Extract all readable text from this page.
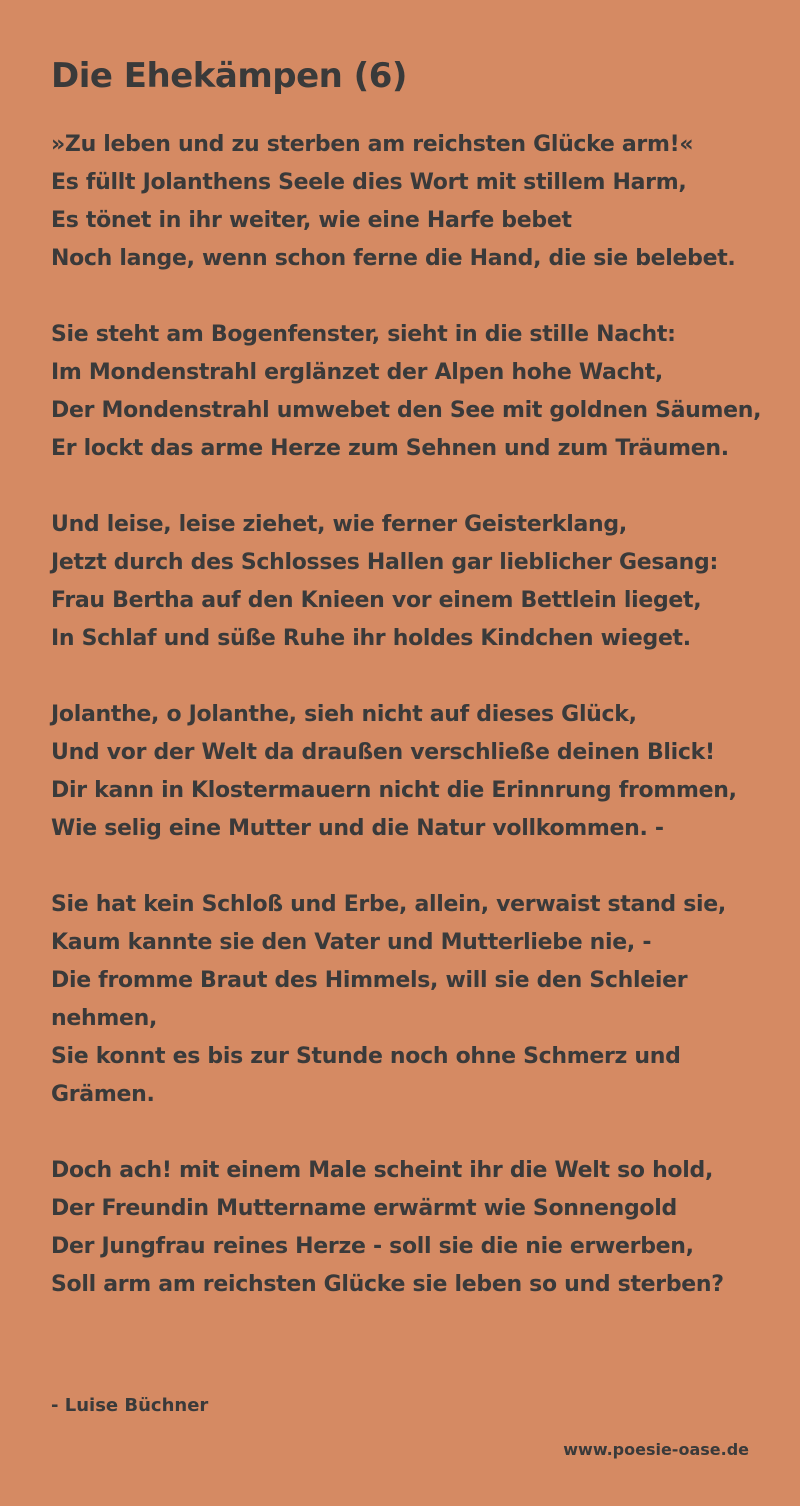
Die Ehekämpen (6)
»Zu leben und zu sterben am reichsten Glücke arm!«
Es füllt Jolanthens Seele dies Wort mit stillem Harm,
Es tönet in ihr weiter, wie eine Harfe bebet
Noch lange, wenn schon ferne die Hand, die sie belebet.
Sie steht am Bogenfenster, sieht in die stille Nacht:
Im Mondenstrahl erglänzet der Alpen hohe Wacht,
Der Mondenstrahl umwebet den See mit goldnen Säumen,
Er lockt das arme Herze zum Sehnen und zum Träumen.
Und leise, leise ziehet, wie ferner Geisterklang,
Jetzt durch des Schlosses Hallen gar lieblicher Gesang:
Frau Bertha auf den Knieen vor einem Bettlein lieget,
In Schlaf und süße Ruhe ihr holdes Kindchen wieget.
Jolanthe, o Jolanthe, sieh nicht auf dieses Glück,
Und vor der Welt da draußen verschließe deinen Blick!
Dir kann in Klostermauern nicht die Erinnrung frommen,
Wie selig eine Mutter und die Natur vollkommen. -
Sie hat kein Schloß und Erbe, allein, verwaist stand sie,
Kaum kannte sie den Vater und Mutterliebe nie, -
Die fromme Braut des Himmels, will sie den Schleier nehmen,
Sie konnt es bis zur Stunde noch ohne Schmerz und Grämen.
Doch ach! mit einem Male scheint ihr die Welt so hold,
Der Freundin Muttername erwärmt wie Sonnengold
Der Jungfrau reines Herze - soll sie die nie erwerben,
Soll arm am reichsten Glücke sie leben so und sterben?
- Luise Büchner
www.poesie-oase.de
